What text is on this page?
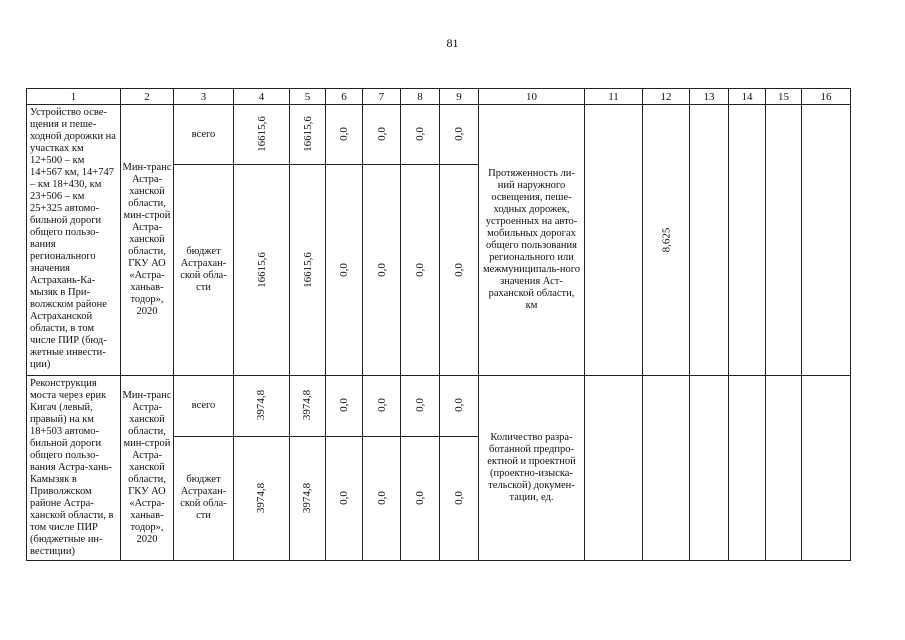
81
1	2	3	4	5	6	7	8	9	10	11	12	13	14	15	16
Устройство осве-щения и пеше-ходной дорожки на участках км 12+500 – км 14+567 км, 14+747 – км 18+430, км 23+506 – км 25+325 автомо-бильной дороги общего пользо-вания регионального значения Астрахань-Ка-мызяк в При-волжском районе Астраханской области, в том числе ПИР (бюд-жетные инвести-ции)	Мин-транс Астра-ханской области, мин-строй Астра-ханской области, ГКУ АО «Астра-ханьав-тодор», 2020	всего	16615,6	16615,6	0,0	0,0	0,0	0,0	Протяженность ли-ний наружного освещения, пеше-ходных дорожек, устроенных на авто-мобильных дорогах общего пользования регионального или межмуниципаль-ного значения Аст-раханской области, км		8,625				
		бюджет Астрахан-ской обла-сти	16615,6	16615,6	0,0	0,0	0,0	0,0							
Реконструкция моста через ерик Кигач (левый, правый) на км 18+503 автомо-бильной дороги общего пользо-вания Астра-хань-Камызяк в Приволжском районе Астра-ханской области, в том числе ПИР (бюджетные ин-вестиции)	Мин-транс Астра-ханской области, мин-строй Астра-ханской области, ГКУ АО «Астра-ханьав-тодор», 2020	всего	3974,8	3974,8	0,0	0,0	0,0	0,0	Количество разра-ботанной предпро-ектной и проектной (проектно-изыска-тельской) докумен-тации, ед.						
		бюджет Астрахан-ской обла-сти	3974,8	3974,8	0,0	0,0	0,0	0,0							
